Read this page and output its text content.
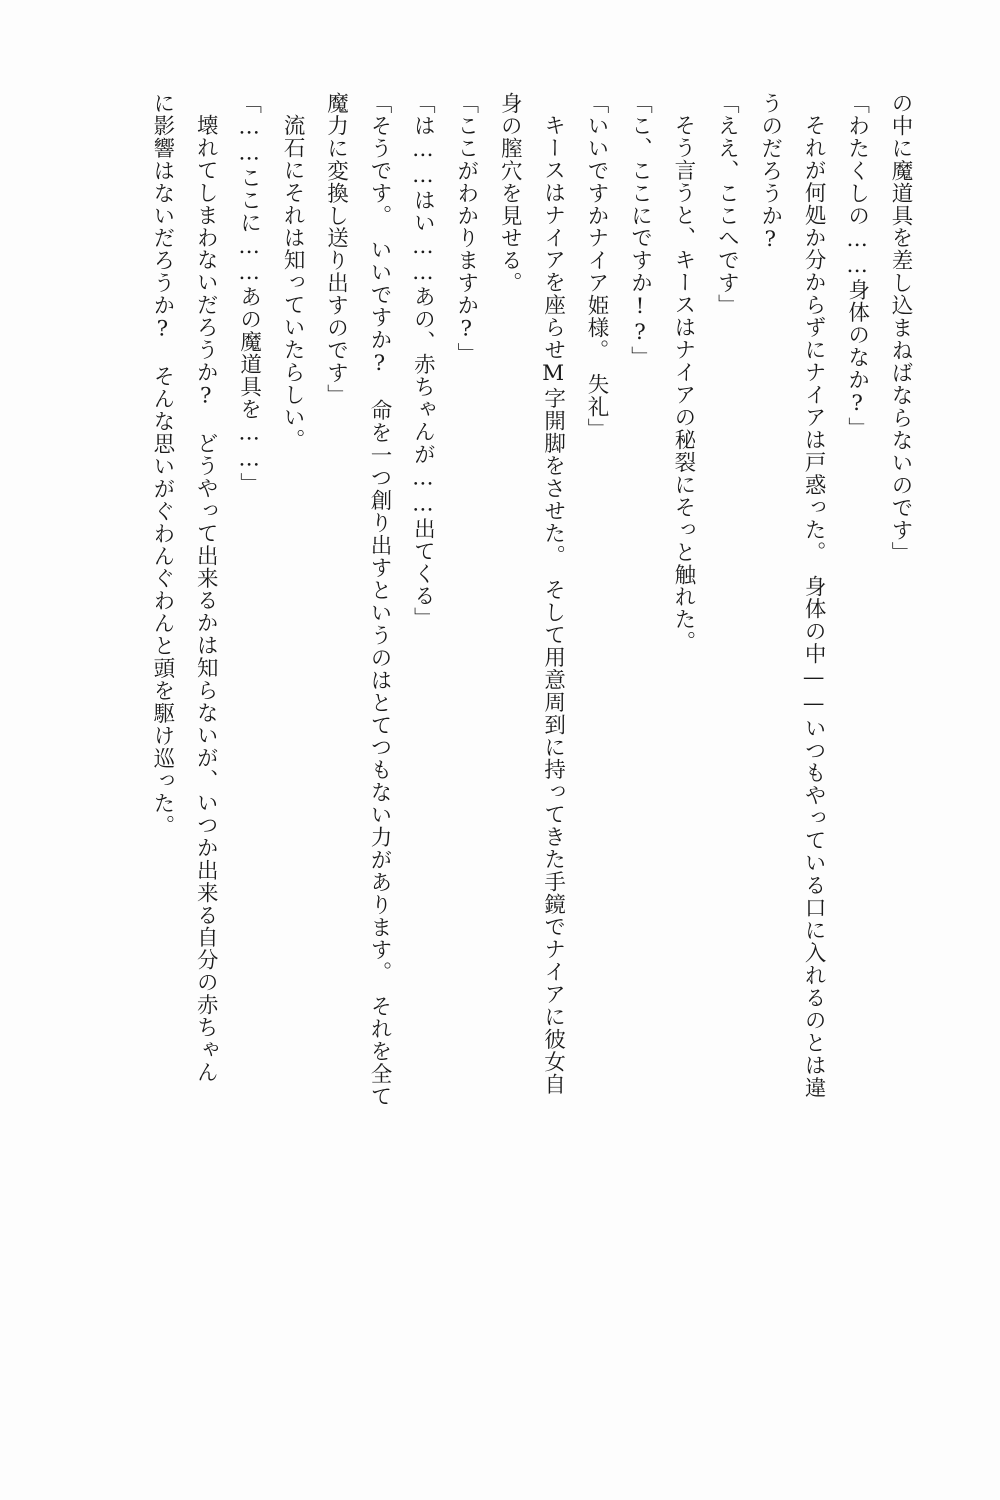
の中に魔道具を差し込まねばならないのです」

「わたくしの……身体のなか?」

それが何処か分からずにナイアは戸惑った。　身体の中——いつもやっている口に入れるのとは違

うのだろうか?

「ええ、ここへです」

そう言うと、キースはナイアの秘裂にそっと触れた。

「こ、ここにですか!?」

「いいですかナイア姫様。　失礼」

キースはナイアを座らせM字開脚をさせた。　そして用意周到に持ってきた手鏡でナイアに彼女自

身の膣穴を見せる。

「ここがわかりますか?」

「は……はい……あの、赤ちゃんが……出てくる」

「そうです。　いいですか?　命を一つ創り出すというのはとてつもない力があります。　それを全て

魔力に変換し送り出すのです」

流石にそれは知っていたらしい。

「……ここに……あの魔道具を……」

壊れてしまわないだろうか?　どうやって出来るかは知らないが、いつか出来る自分の赤ちゃん

に影響はないだろうか?　そんな思いがぐわんぐわんと頭を駆け巡った。
